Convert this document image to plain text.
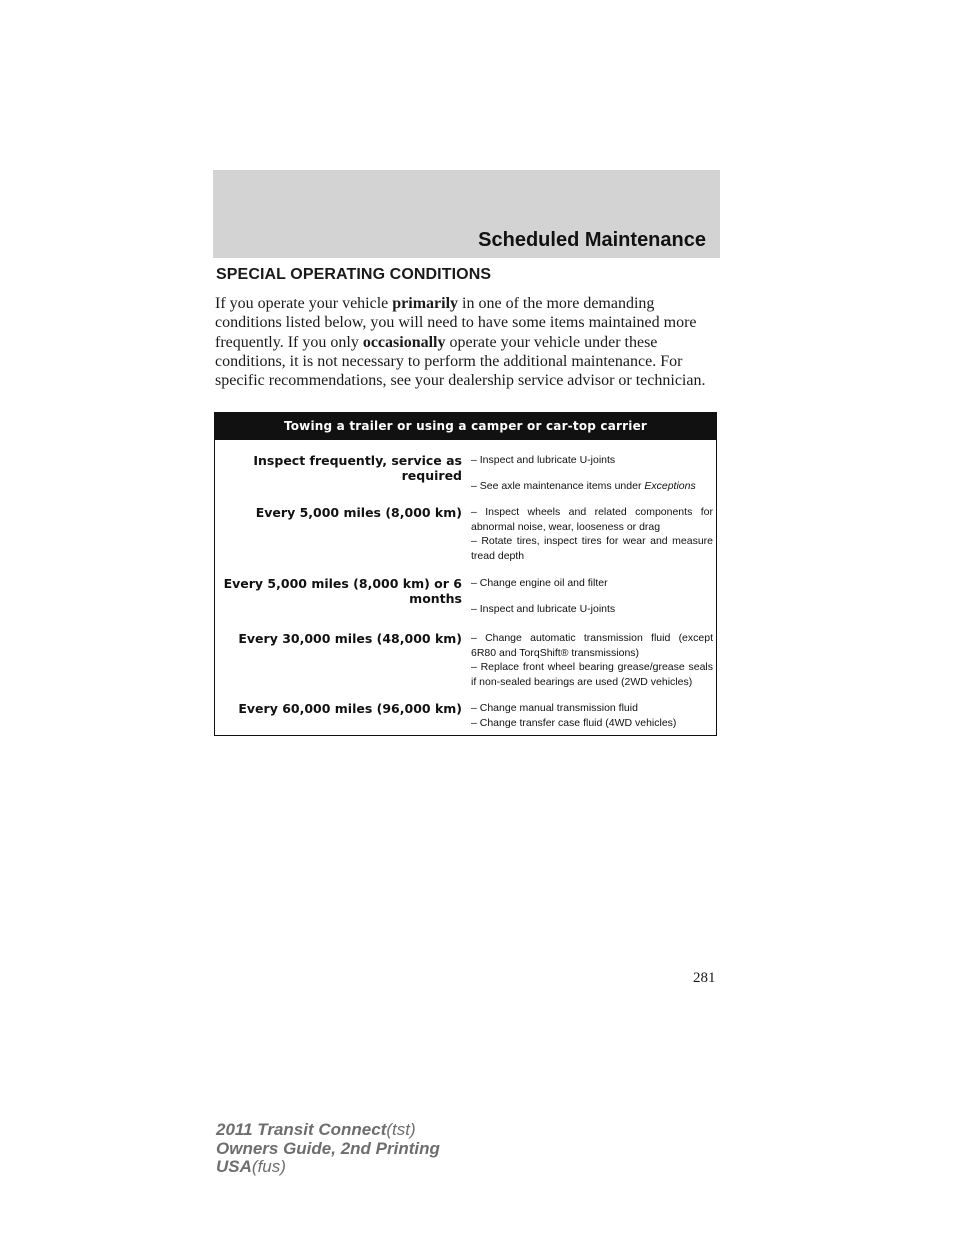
Scheduled Maintenance
SPECIAL OPERATING CONDITIONS
If you operate your vehicle primarily in one of the more demanding conditions listed below, you will need to have some items maintained more frequently. If you only occasionally operate your vehicle under these conditions, it is not necessary to perform the additional maintenance. For specific recommendations, see your dealership service advisor or technician.
Towing a trailer or using a camper or car-top carrier
Inspect frequently, service as required
– Inspect and lubricate U-joints
– See axle maintenance items under Exceptions
Every 5,000 miles (8,000 km) – Inspect wheels and related components for abnormal noise, wear, looseness or drag
– Rotate tires, inspect tires for wear and measure tread depth
Every 5,000 miles (8,000 km) or 6 months
– Change engine oil and filter
– Inspect and lubricate U-joints
Every 30,000 miles (48,000 km) – Change automatic transmission fluid (except 6R80 and TorqShift® transmissions)
– Replace front wheel bearing grease/grease seals if non-sealed bearings are used (2WD vehicles)
Every 60,000 miles (96,000 km) – Change manual transmission fluid
– Change transfer case fluid (4WD vehicles)
281
2011 Transit Connect(tst)
Owners Guide, 2nd Printing
USA(fus)
